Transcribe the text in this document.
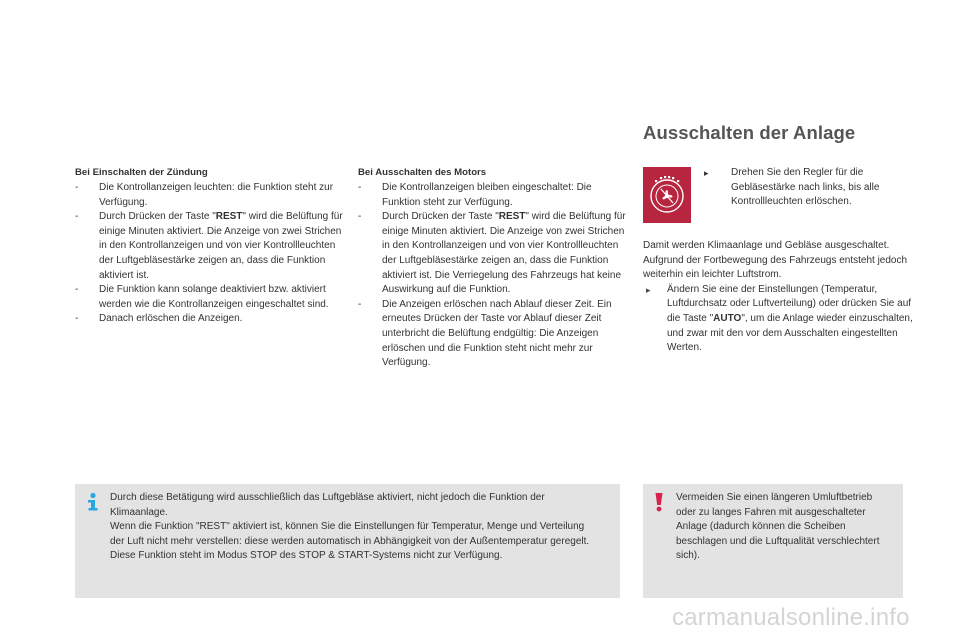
Bei Einschalten der Zündung
- Die Kontrollanzeigen leuchten: die Funktion steht zur Verfügung.
- Durch Drücken der Taste "REST" wird die Belüftung für einige Minuten aktiviert. Die Anzeige von zwei Strichen in den Kontrollanzeigen und von vier Kontrollleuchten der Luftgebläsestärke zeigen an, dass die Funktion aktiviert ist.
- Die Funktion kann solange deaktiviert bzw. aktiviert werden wie die Kontrollanzeigen eingeschaltet sind.
- Danach erlöschen die Anzeigen.
Bei Ausschalten des Motors
- Die Kontrollanzeigen bleiben eingeschaltet: Die Funktion steht zur Verfügung.
- Durch Drücken der Taste "REST" wird die Belüftung für einige Minuten aktiviert. Die Anzeige von zwei Strichen in den Kontrollanzeigen und von vier Kontrollleuchten der Luftgebläsestärke zeigen an, dass die Funktion aktiviert ist. Die Verriegelung des Fahrzeugs hat keine Auswirkung auf die Funktion.
- Die Anzeigen erlöschen nach Ablauf dieser Zeit. Ein erneutes Drücken der Taste vor Ablauf dieser Zeit unterbricht die Belüftung endgültig: Die Anzeigen erlöschen und die Funktion steht nicht mehr zur Verfügung.
Ausschalten der Anlage
▸	Drehen Sie den Regler für die Gebläsestärke nach links, bis alle Kontrollleuchten erlöschen.
Damit werden Klimaanlage und Gebläse ausgeschaltet. Aufgrund der Fortbewegung des Fahrzeugs entsteht jedoch weiterhin ein leichter Luftstrom.
▸ Ändern Sie eine der Einstellungen (Temperatur, Luftdurchsatz oder Luftverteilung) oder drücken Sie auf die Taste "AUTO", um die Anlage wieder einzuschalten, und zwar mit den vor dem Ausschalten eingestellten Werten.
Durch diese Betätigung wird ausschließlich das Luftgebläse aktiviert, nicht jedoch die Funktion der Klimaanlage.
Wenn die Funktion "REST" aktiviert ist, können Sie die Einstellungen für Temperatur, Menge und Verteilung der Luft nicht mehr verstellen: diese werden automatisch in Abhängigkeit von der Außentemperatur geregelt.
Diese Funktion steht im Modus STOP des STOP & START-Systems nicht zur Verfügung.
Vermeiden Sie einen längeren Umluftbetrieb oder zu langes Fahren mit ausgeschalteter Anlage (dadurch können die Scheiben beschlagen und die Luftqualität verschlechtert sich).
carmanualsonline.info
